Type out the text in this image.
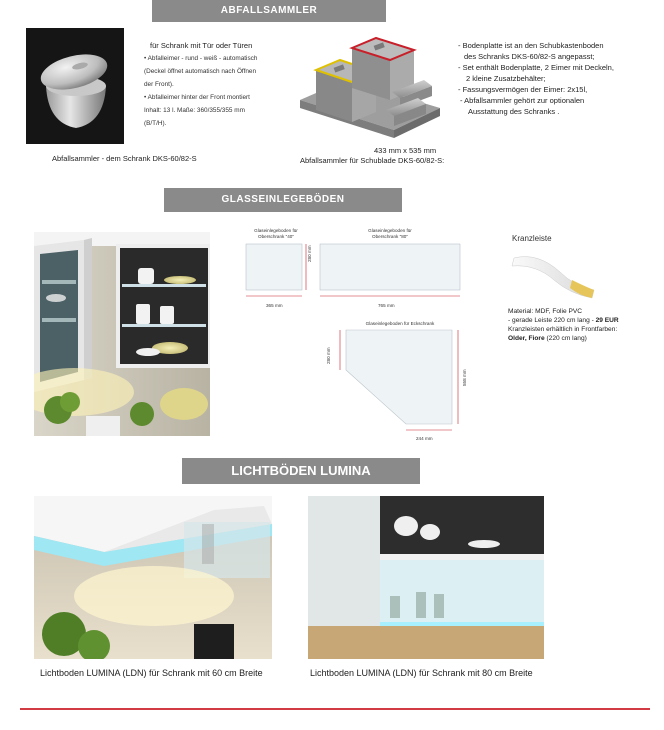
ABFALLSAMMLER
GLASSEINLEGEBÖDEN
LICHTBÖDEN LUMINA
für Schrank mit Tür oder Türen
• Abfalleimer - rund - weiß - automatisch
(Deckel öffnet automatisch nach Öffnen
der Front).
• Abfalleimer hinter der Front montiert
Inhalt: 13 l. Maße: 360/355/355 mm
(B/T/H).
Abfallsammler - dem Schrank DKS-60/82-S
433 mm x 535 mm
Abfallsammler für Schublade DKS-60/82-S:
- Bodenplatte ist an den Schubkastenboden
des Schranks DKS-60/82-S angepasst;
- Set enthält Bodenplatte, 2 Eimer mit Deckeln,
2 kleine Zusatzbehälter;
- Fassungsvermögen der Eimer: 2x15l,
- Abfallsammler gehört zur optionalen
Ausstattung des Schranks .
Glaseinlegeboden für
Oberschrank "40"
365 mm
280 mm
Glaseinlegeboden für
Oberschrank "80"
765 mm
Glaseinlegeboden für Eckschrank
280 mm
558 mm
244 mm
Kranzleiste
Material: MDF, Folie PVC
- gerade Leiste 220 cm lang - 29 EUR
Kranzleisten erhältlich in Frontfarben:
Older, Fiore (220 cm lang)
Lichtboden LUMINA (LDN) für Schrank mit 60 cm Breite	Lichtboden LUMINA (LDN) für Schrank mit 80 cm Breite
